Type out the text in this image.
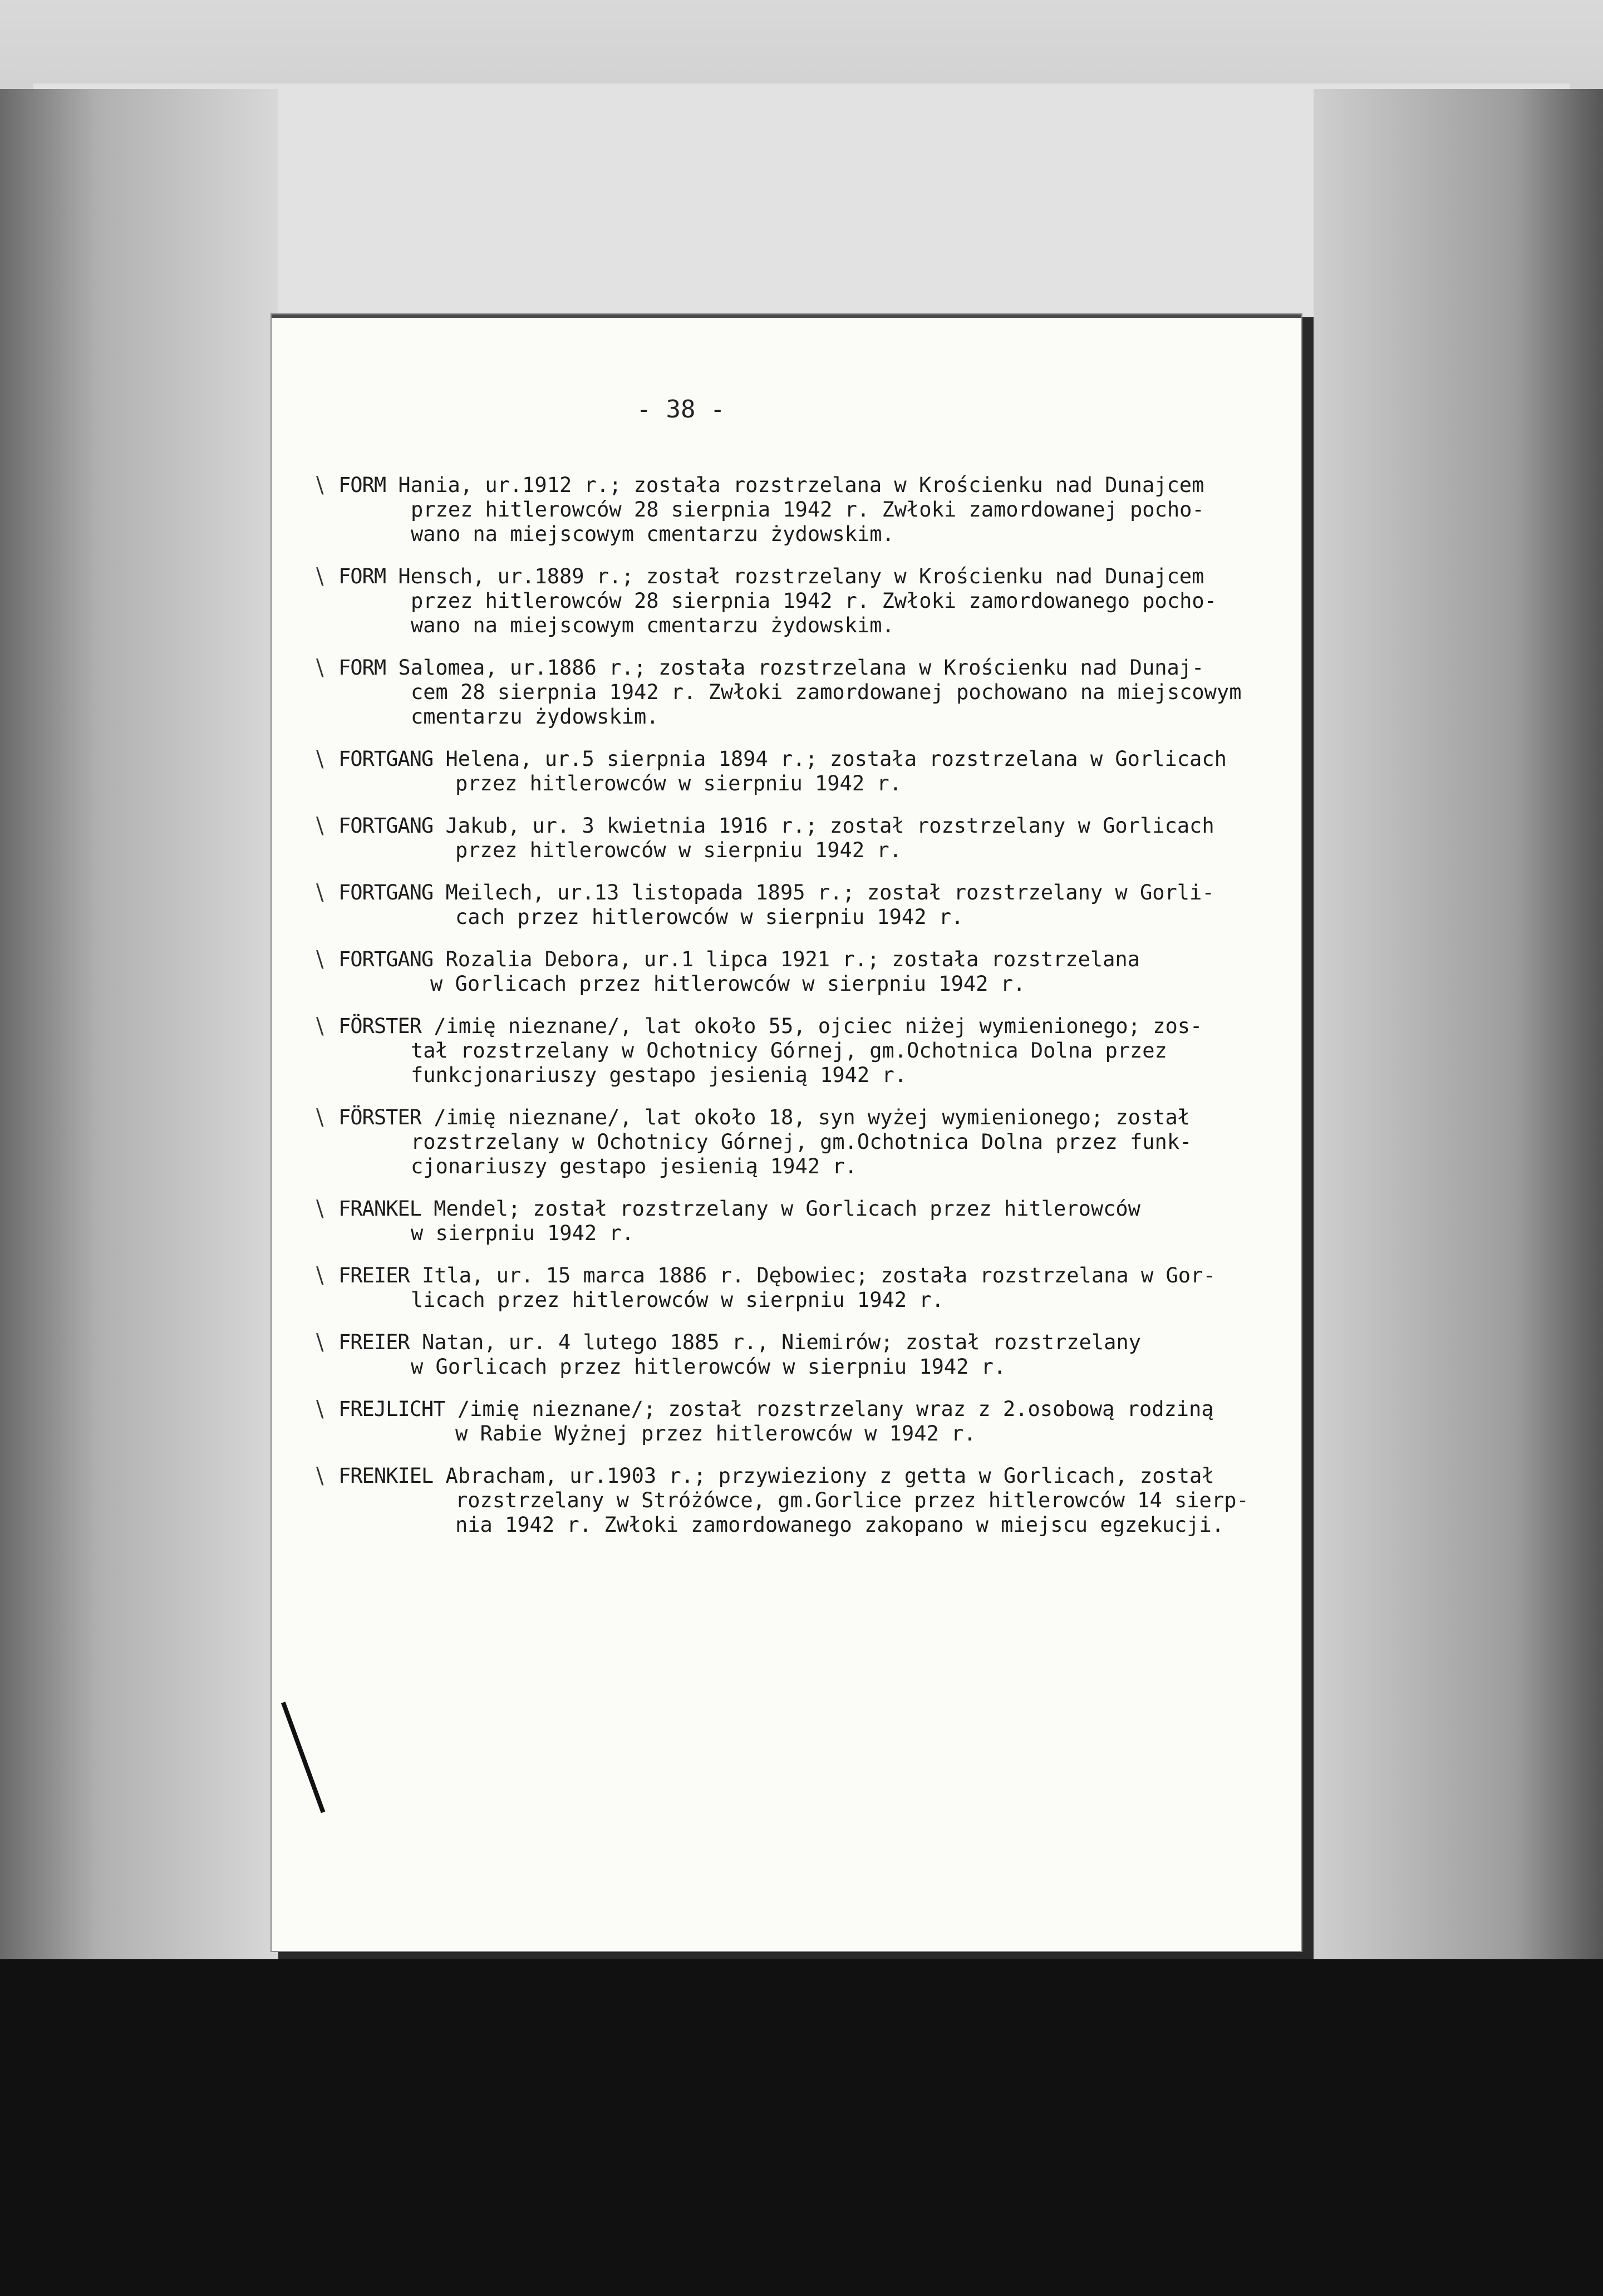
- 38 -
\ FORM Hania, ur.1912 r.; została rozstrzelana w Krościenku nad Dunajcem
przez hitlerowców 28 sierpnia 1942 r. Zwłoki zamordowanej pocho-
wano na miejscowym cmentarzu żydowskim.
\ FORM Hensch, ur.1889 r.; został rozstrzelany w Krościenku nad Dunajcem
przez hitlerowców 28 sierpnia 1942 r. Zwłoki zamordowanego pocho-
wano na miejscowym cmentarzu żydowskim.
\ FORM Salomea, ur.1886 r.; została rozstrzelana w Krościenku nad Dunaj-
cem 28 sierpnia 1942 r. Zwłoki zamordowanej pochowano na miejscowym
cmentarzu żydowskim.
\ FORTGANG Helena, ur.5 sierpnia 1894 r.; została rozstrzelana w Gorlicach
przez hitlerowców w sierpniu 1942 r.
\ FORTGANG Jakub, ur. 3 kwietnia 1916 r.; został rozstrzelany w Gorlicach
przez hitlerowców w sierpniu 1942 r.
\ FORTGANG Meilech, ur.13 listopada 1895 r.; został rozstrzelany w Gorli-
cach przez hitlerowców w sierpniu 1942 r.
\ FORTGANG Rozalia Debora, ur.1 lipca 1921 r.; została rozstrzelana
w Gorlicach przez hitlerowców w sierpniu 1942 r.
\ FÖRSTER /imię nieznane/, lat około 55, ojciec niżej wymienionego; zos-
tał rozstrzelany w Ochotnicy Górnej, gm.Ochotnica Dolna przez
funkcjonariuszy gestapo jesienią 1942 r.
\ FÖRSTER /imię nieznane/, lat około 18, syn wyżej wymienionego; został
rozstrzelany w Ochotnicy Górnej, gm.Ochotnica Dolna przez funk-
cjonariuszy gestapo jesienią 1942 r.
\ FRANKEL Mendel; został rozstrzelany w Gorlicach przez hitlerowców
w sierpniu 1942 r.
\ FREIER Itla, ur. 15 marca 1886 r. Dębowiec; została rozstrzelana w Gor-
licach przez hitlerowców w sierpniu 1942 r.
\ FREIER Natan, ur. 4 lutego 1885 r., Niemirów; został rozstrzelany
w Gorlicach przez hitlerowców w sierpniu 1942 r.
\ FREJLICHT /imię nieznane/; został rozstrzelany wraz z 2.osobową rodziną
w Rabie Wyżnej przez hitlerowców w 1942 r.
\ FRENKIEL Abracham, ur.1903 r.; przywieziony z getta w Gorlicach, został
rozstrzelany w Stróżówce, gm.Gorlice przez hitlerowców 14 sierp-
nia 1942 r. Zwłoki zamordowanego zakopano w miejscu egzekucji.
